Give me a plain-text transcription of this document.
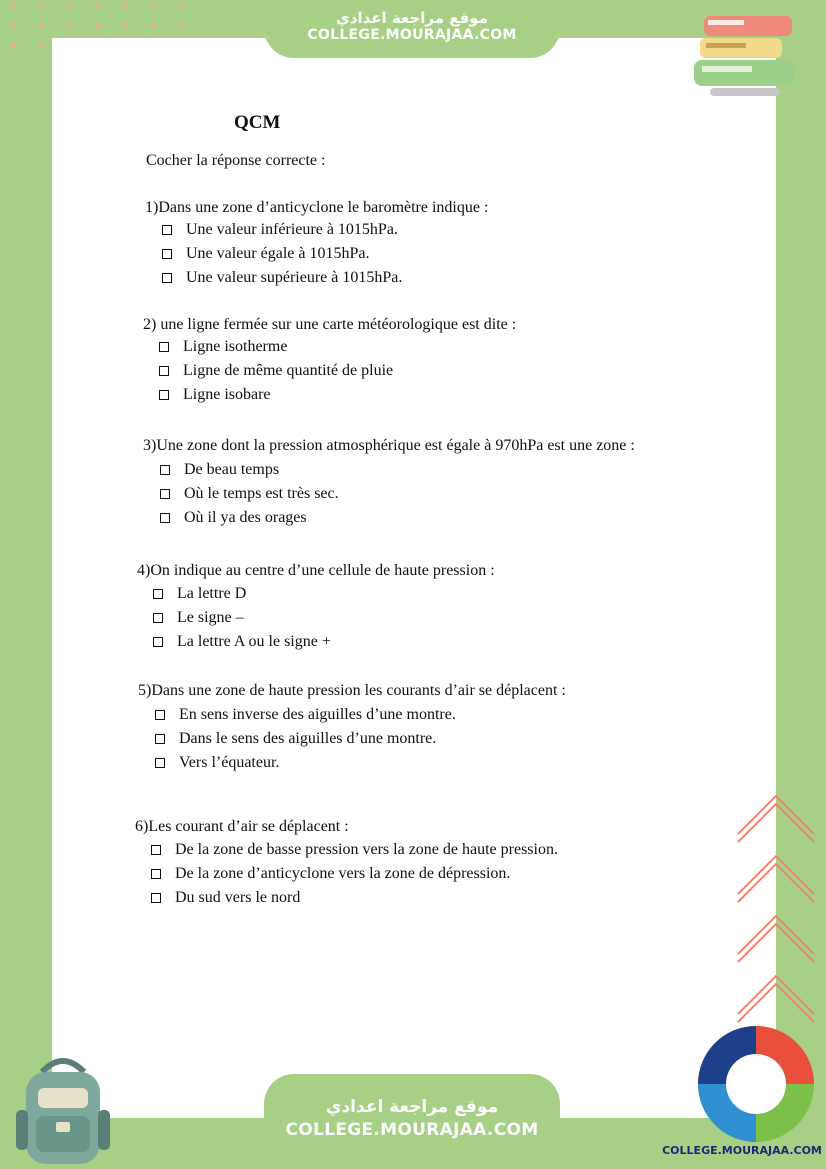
موقع مراجعة اعدادي
COLLEGE.MOURAJAA.COM
QCM
Cocher la réponse correcte :
1)Dans une zone d’anticyclone le baromètre indique :
Une valeur inférieure à 1015hPa.
Une valeur égale à 1015hPa.
Une valeur supérieure à 1015hPa.
2) une ligne fermée sur une carte météorologique est dite :
Ligne isotherme
Ligne de même quantité de pluie
Ligne isobare
3)Une zone dont la pression atmosphérique est égale à 970hPa est une zone :
De beau temps
Où le temps est très sec.
Où il ya des orages
4)On indique au centre d’une cellule de haute pression :
La lettre D
Le signe –
La lettre A ou le signe +
5)Dans une zone de haute pression les courants d’air se déplacent :
En sens inverse des aiguilles d’une montre.
Dans le sens des aiguilles d’une montre.
Vers l’équateur.
6)Les courant d’air se déplacent :
De la zone de basse pression vers la zone de haute pression.
De la zone d’anticyclone vers la zone de dépression.
Du sud vers le nord
موقع مراجعة اعدادي
COLLEGE.MOURAJAA.COM
COLLEGE.MOURAJAA.COM
